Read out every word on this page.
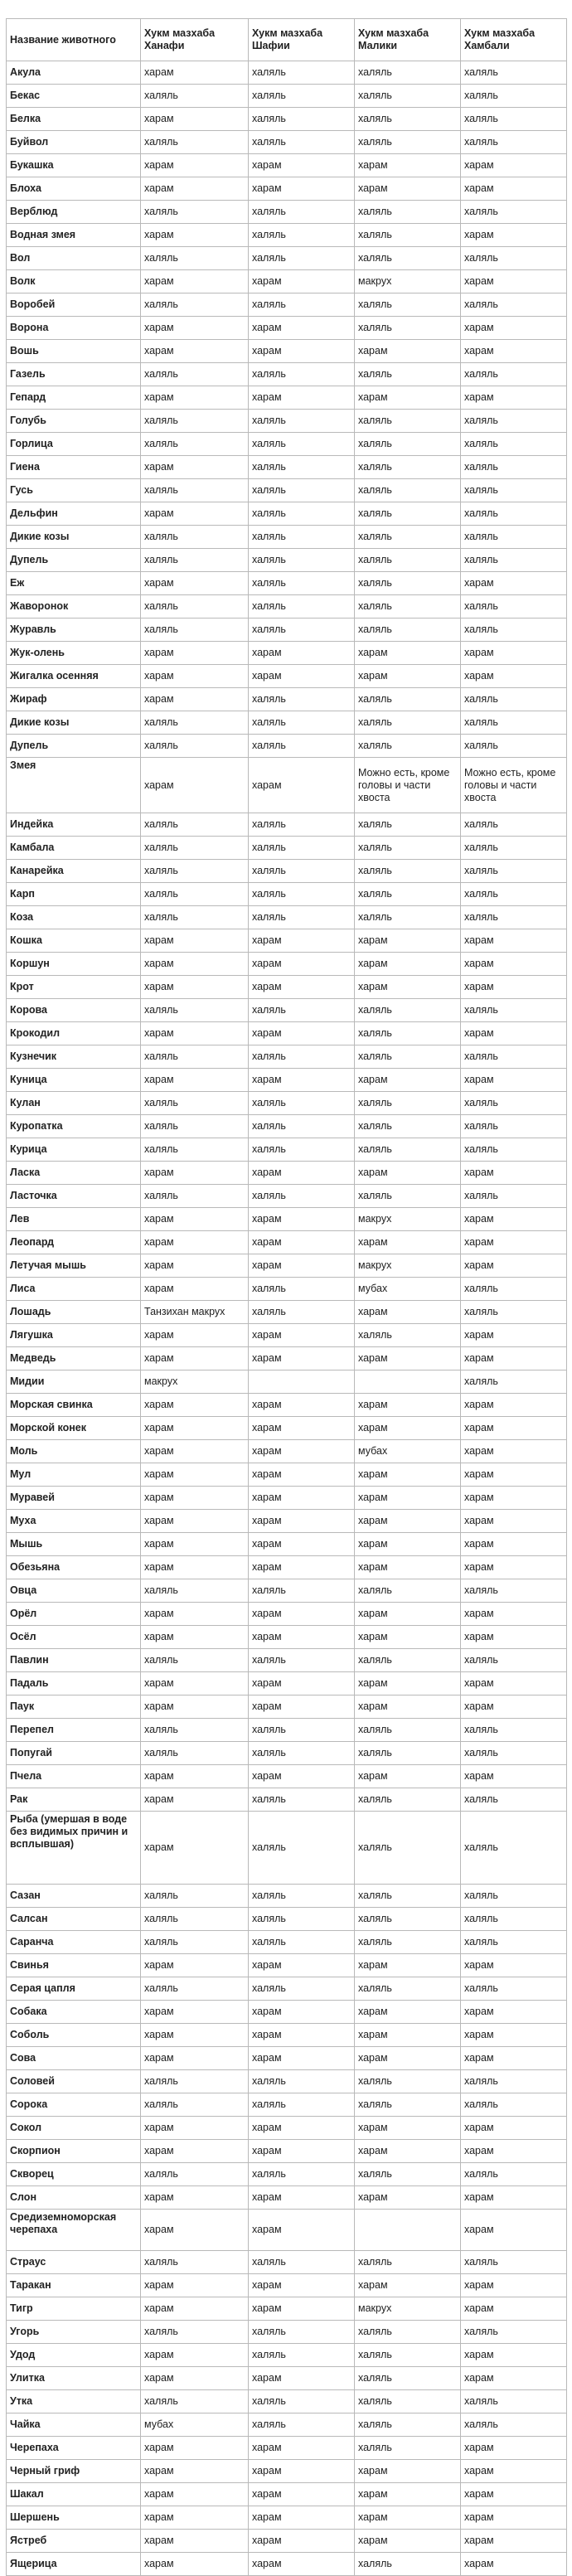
Название животного	Хукм мазхаба Ханафи	Хукм мазхаба Шафии	Хукм мазхаба Малики	Хукм мазхаба Хамбали
Акула	харам	халяль	халяль	халяль
Бекас	халяль	халяль	халяль	халяль
Белка	харам	халяль	халяль	халяль
Буйвол	халяль	халяль	халяль	халяль
Букашка	харам	харам	харам	харам
Блоха	харам	харам	харам	харам
Верблюд	халяль	халяль	халяль	халяль
Водная змея	харам	халяль	халяль	харам
Вол	халяль	халяль	халяль	халяль
Волк	харам	харам	макрух	харам
Воробей	халяль	халяль	халяль	халяль
Ворона	харам	харам	халяль	харам
Вошь	харам	харам	харам	харам
Газель	халяль	халяль	халяль	халяль
Гепард	харам	харам	харам	харам
Голубь	халяль	халяль	халяль	халяль
Горлица	халяль	халяль	халяль	халяль
Гиена	харам	халяль	халяль	халяль
Гусь	халяль	халяль	халяль	халяль
Дельфин	харам	халяль	халяль	халяль
Дикие козы	халяль	халяль	халяль	халяль
Дупель	халяль	халяль	халяль	халяль
Еж	харам	халяль	халяль	харам
Жаворонок	халяль	халяль	халяль	халяль
Журавль	халяль	халяль	халяль	халяль
Жук-олень	харам	харам	харам	харам
Жигалка осенняя	харам	харам	харам	харам
Жираф	харам	халяль	халяль	халяль
Дикие козы	халяль	халяль	халяль	халяль
Дупель	халяль	халяль	халяль	халяль
Змея	харам	харам	Можно есть, кроме головы и части хвоста	Можно есть, кроме головы и части хвоста
Индейка	халяль	халяль	халяль	халяль
Камбала	халяль	халяль	халяль	халяль
Канарейка	халяль	халяль	халяль	халяль
Карп	халяль	халяль	халяль	халяль
Коза	халяль	халяль	халяль	халяль
Кошка	харам	харам	харам	харам
Коршун	харам	харам	харам	харам
Крот	харам	харам	харам	харам
Корова	халяль	халяль	халяль	халяль
Крокодил	харам	харам	халяль	харам
Кузнечик	халяль	халяль	халяль	халяль
Куница	харам	харам	харам	харам
Кулан	халяль	халяль	халяль	халяль
Куропатка	халяль	халяль	халяль	халяль
Курица	халяль	халяль	халяль	халяль
Ласка	харам	харам	харам	харам
Ласточка	халяль	халяль	халяль	халяль
Лев	харам	харам	макрух	харам
Леопард	харам	харам	харам	харам
Летучая мышь	харам	харам	макрух	харам
Лиса	харам	халяль	мубах	халяль
Лошадь	Танзихан макрух	халяль	харам	халяль
Лягушка	харам	харам	халяль	харам
Медведь	харам	харам	харам	харам
Мидии	макрух			халяль
Морская свинка	харам	харам	харам	харам
Морской конек	харам	харам	харам	харам
Моль	харам	харам	мубах	харам
Мул	харам	харам	харам	харам
Муравей	харам	харам	харам	харам
Муха	харам	харам	харам	харам
Мышь	харам	харам	харам	харам
Обезьяна	харам	харам	харам	харам
Овца	халяль	халяль	халяль	халяль
Орёл	харам	харам	харам	харам
Осёл	харам	харам	харам	харам
Павлин	халяль	халяль	халяль	халяль
Падаль	харам	харам	харам	харам
Паук	харам	харам	харам	харам
Перепел	халяль	халяль	халяль	халяль
Попугай	халяль	халяль	халяль	халяль
Пчела	харам	харам	харам	харам
Рак	харам	халяль	халяль	халяль
Рыба (умершая в воде без видимых причин и всплывшая)	харам	халяль	халяль	халяль
Сазан	халяль	халяль	халяль	халяль
Салсан	халяль	халяль	халяль	халяль
Саранча	халяль	халяль	халяль	халяль
Свинья	харам	харам	харам	харам
Серая цапля	халяль	халяль	халяль	халяль
Собака	харам	харам	харам	харам
Соболь	харам	харам	харам	харам
Сова	харам	харам	харам	харам
Соловей	халяль	халяль	халяль	халяль
Сорока	халяль	халяль	халяль	халяль
Сокол	харам	харам	харам	харам
Скорпион	харам	харам	харам	харам
Скворец	халяль	халяль	халяль	халяль
Слон	харам	харам	харам	харам
Средиземноморская черепаха	харам	харам		харам
Страус	халяль	халяль	халяль	халяль
Таракан	харам	харам	харам	харам
Тигр	харам	харам	макрух	харам
Угорь	халяль	халяль	халяль	халяль
Удод	харам	халяль	халяль	харам
Улитка	харам	харам	халяль	харам
Утка	халяль	халяль	халяль	халяль
Чайка	мубах	халяль	халяль	халяль
Черепаха	харам	харам	халяль	харам
Черный гриф	харам	харам	харам	харам
Шакал	харам	харам	харам	харам
Шершень	харам	харам	харам	харам
Ястреб	харам	харам	харам	харам
Ящерица	харам	харам	халяль	харам
